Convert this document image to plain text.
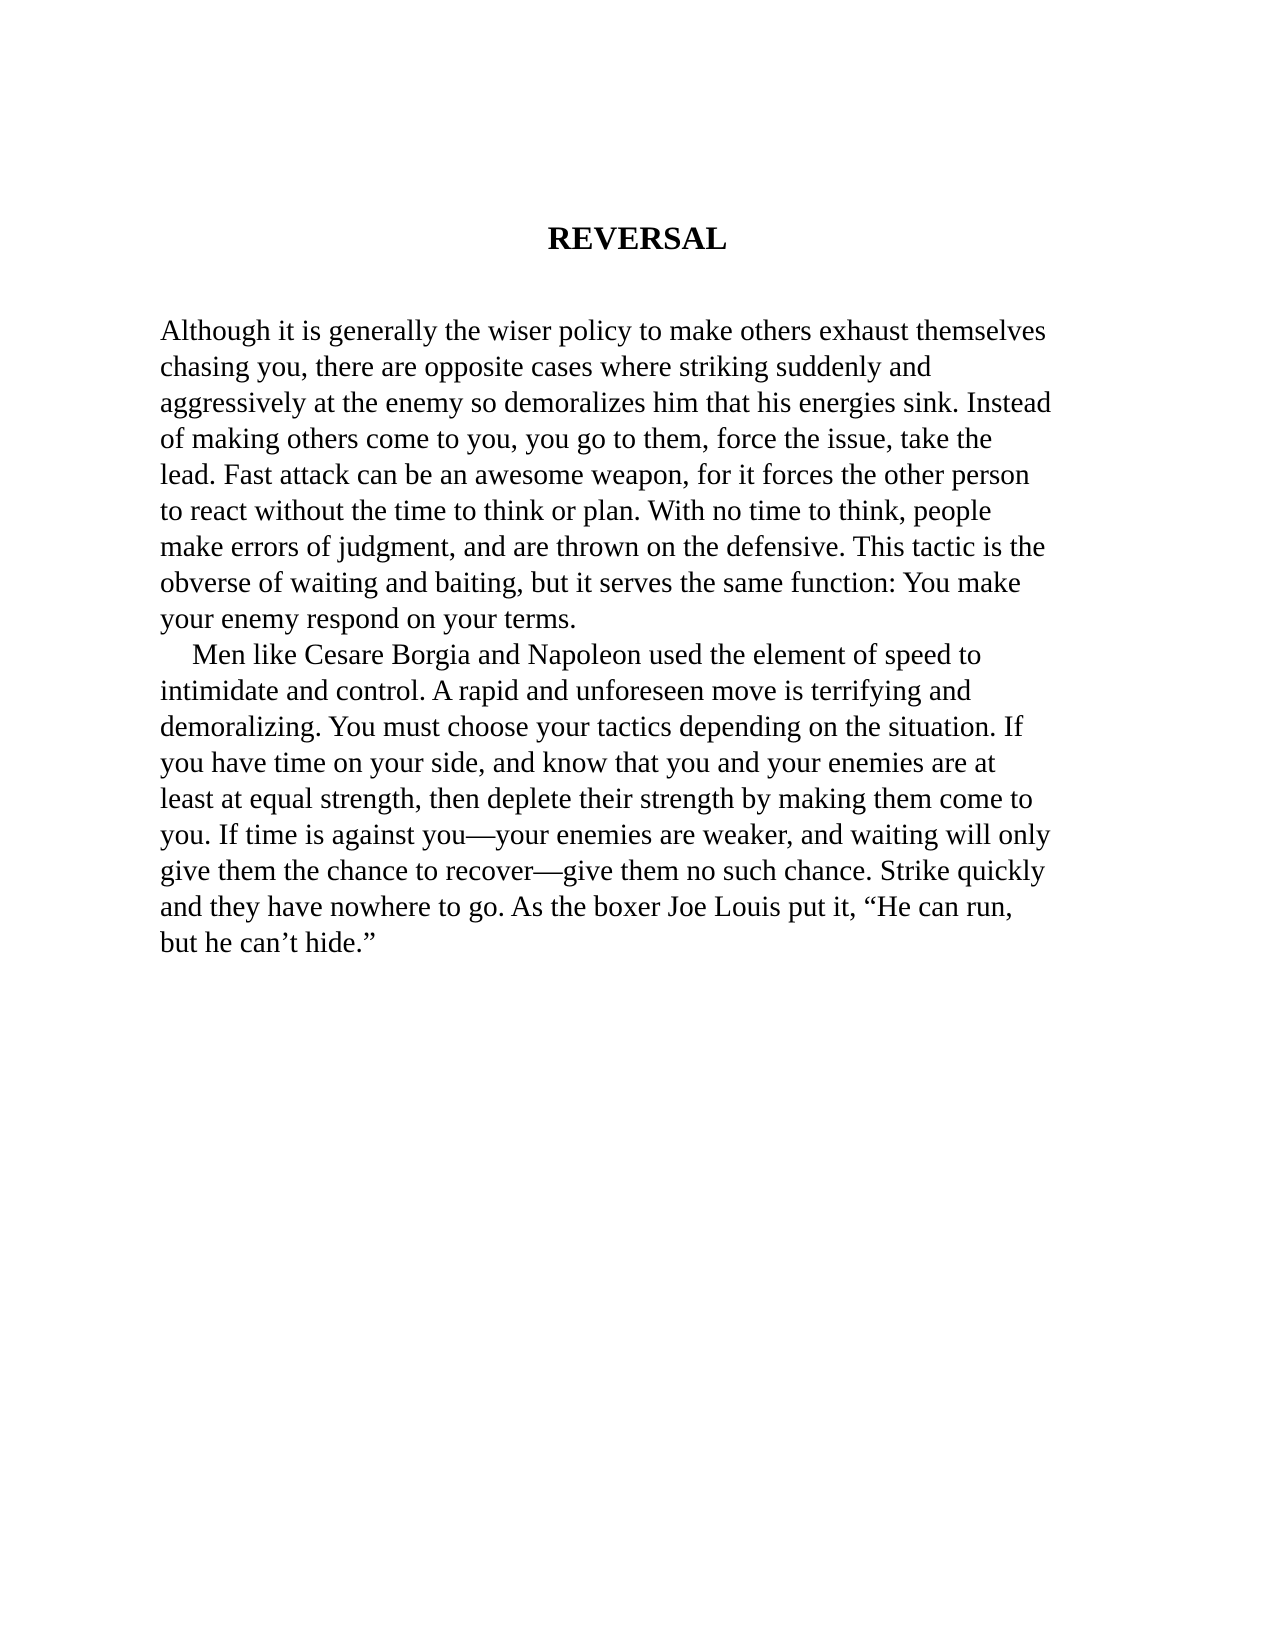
REVERSAL
Although it is generally the wiser policy to make others exhaust themselves
chasing you, there are opposite cases where striking suddenly and
aggressively at the enemy so demoralizes him that his energies sink. Instead
of making others come to you, you go to them, force the issue, take the
lead. Fast attack can be an awesome weapon, for it forces the other person
to react without the time to think or plan. With no time to think, people
make errors of judgment, and are thrown on the defensive. This tactic is the
obverse of waiting and baiting, but it serves the same function: You make
your enemy respond on your terms.
Men like Cesare Borgia and Napoleon used the element of speed to
intimidate and control. A rapid and unforeseen move is terrifying and
demoralizing. You must choose your tactics depending on the situation. If
you have time on your side, and know that you and your enemies are at
least at equal strength, then deplete their strength by making them come to
you. If time is against you—your enemies are weaker, and waiting will only
give them the chance to recover—give them no such chance. Strike quickly
and they have nowhere to go. As the boxer Joe Louis put it, “He can run,
but he can’t hide.”
